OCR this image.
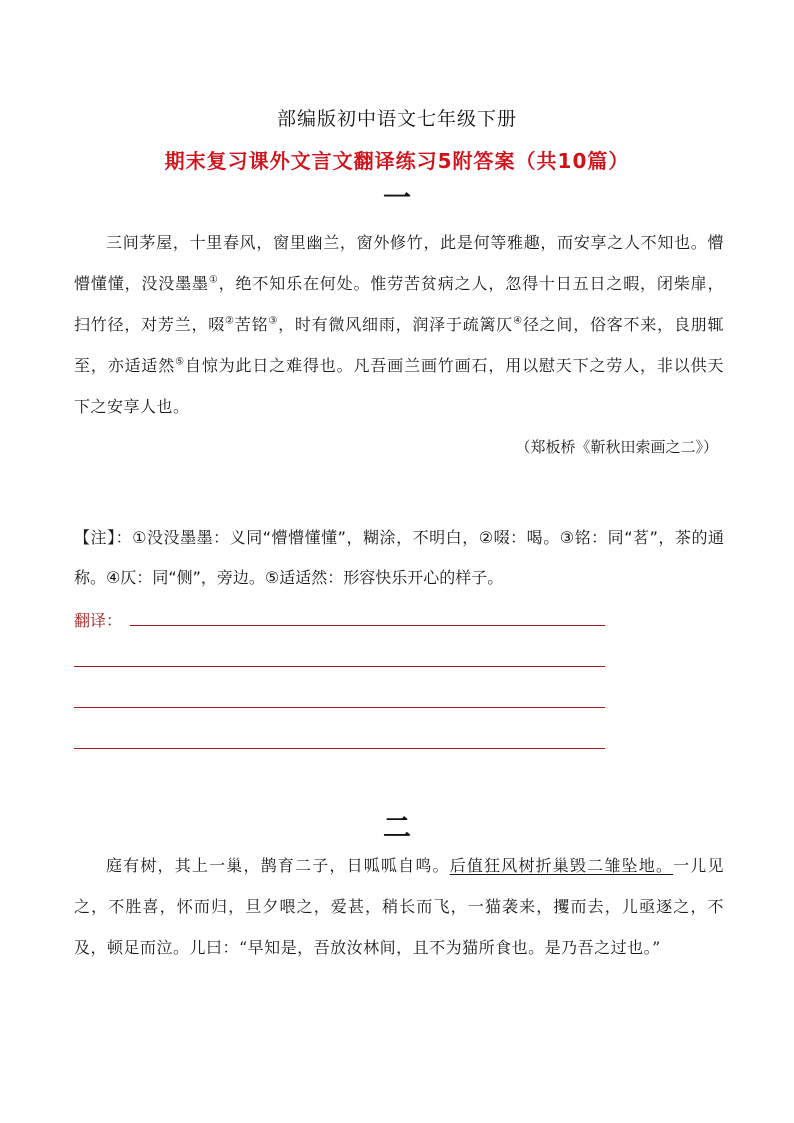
部编版初中语文七年级下册
期末复习课外文言文翻译练习5附答案（共10篇）
一
三间茅屋，十里春风，窗里幽兰，窗外修竹，此是何等雅趣，而安享之人不知也。懵懵懂懂，没没墨墨①，绝不知乐在何处。惟劳苦贫病之人，忽得十日五日之暇，闭柴扉，扫竹径，对芳兰，啜②苦铭③，时有微风细雨，润泽于疏篱仄④径之间，俗客不来，良朋辄至，亦适适然⑤自惊为此日之难得也。凡吾画兰画竹画石，用以慰天下之劳人，非以供天下之安享人也。
（郑板桥《靳秋田索画之二》）
【注】：①没没墨墨：义同“懵懵懂懂”，糊涂，不明白，②啜：喝。③铭：同“茗”，茶的通称。④仄：同“侧”，旁边。⑤适适然：形容快乐开心的样子。
翻译：
二
庭有树，其上一巢，鹊育二子，日呱呱自鸣。后值狂风树折巢毁二雏坠地。一儿见之，不胜喜，怀而归，旦夕喂之，爱甚，稍长而飞，一猫袭来，攫而去，儿亟逐之，不及，顿足而泣。儿曰：“早知是，吾放汝林间，且不为猫所食也。是乃吾之过也。”
